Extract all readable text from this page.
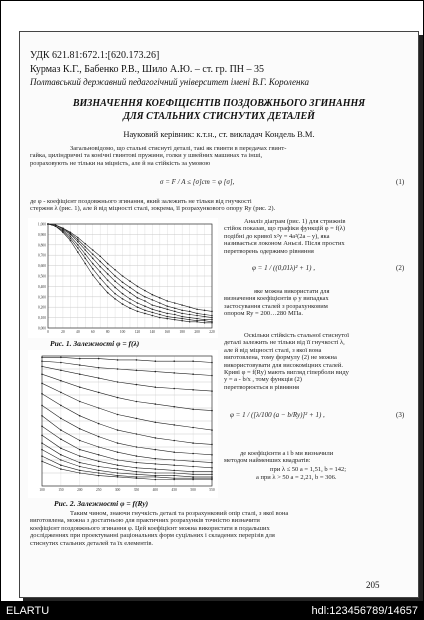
УДК 621.81:672.1:[620.173.26]
Курмаз К.Г., Бабенко Р.В., Шило А.Ю. – ст. гр. ПН – 35
Полтавський державний педагогічний університет імені В.Г. Короленка
ВИЗНАЧЕННЯ КОЕФІЦІЄНТІВ ПОЗДОВЖНЬОГО ЗГИНАННЯ
ДЛЯ СТАЛЬНИХ СТИСНУТИХ ДЕТАЛЕЙ
Науковий керівник: к.т.н., ст. викладач Кондель В.М.
Загальновідомо, що стальні стиснуті деталі, такі як гвинти в передачах гвинт-
гайка, циліндричні та конічні гвинтові пружини, голки у швейних машинах та інші,
розраховують не тільки на міцність, але й на стійкість за умовою
σ = F / A ≤ [σ]ст = φ [σ],	(1)
де φ - коефіцієнт поздовжнього згинання, який залежить не тільки від гнучкості
стержня λ (рис. 1), але й від міцності сталі, зокрема, її розрахункового опору Ry (рис. 2).
1,000
0,900
0,800
0,700
0,600
0,500
0,400
0,300
0,200
0,100
0,000
0	20	40	60	80	100	120	140	160	180	200	220
Рис. 1. Залежності φ = f(λ)
Аналіз діаграм (рис. 1) для стрижнів
стійок показав, що графіки функцій φ = f(λ)
подібні до кривої x²y = 4a²(2a – y), яка
називається локоном Аньєзі. Після простих
перетворень одержимо рівняння
φ = 1 / ((0,01λ)² + 1) ,	(2)
яке можна використати для
визначення коефіцієнтів φ у випадках
застосування сталей з розрахунковим
опором Ry = 200…280 МПа.
100	150	200	250	300	350	400	450	500	550
Рис. 2. Залежності φ = f(Ry)
Оскільки стійкість стальної стиснутої
деталі залежить не тільки від її гнучкості λ,
але й від міцності сталі, з якої вона
виготовлена, тому формулу (2) не можна
використовувати для високоміцних сталей.
Криві φ = f(Ry) мають вигляд гіперболи виду
y = a - b/x , тому функція (2)
перетворюється в рівняння
φ = 1 / ([λ/100 (a − b/Ry)]² + 1) ,	(3)
де коефіцієнти a і b ми визначили
методом найменших квадратів:
при λ ≤ 50 a = 1,51, b = 142;
а при λ > 50 a = 2,21, b = 306.
Таким чином, знаючи гнучкість деталі та розрахунковий опір сталі, з якої вона
виготовлена, можна з достатньою для практичних розрахунків точністю визначити
коефіцієнт поздовжнього згинання φ. Цей коефіцієнт можна використати в подальших
дослідженнях при проектуванні раціональних форм суцільних і складених перерізів для
стиснутих стальних деталей та їх елементів.
205
ELARTU	hdl:123456789/14657
